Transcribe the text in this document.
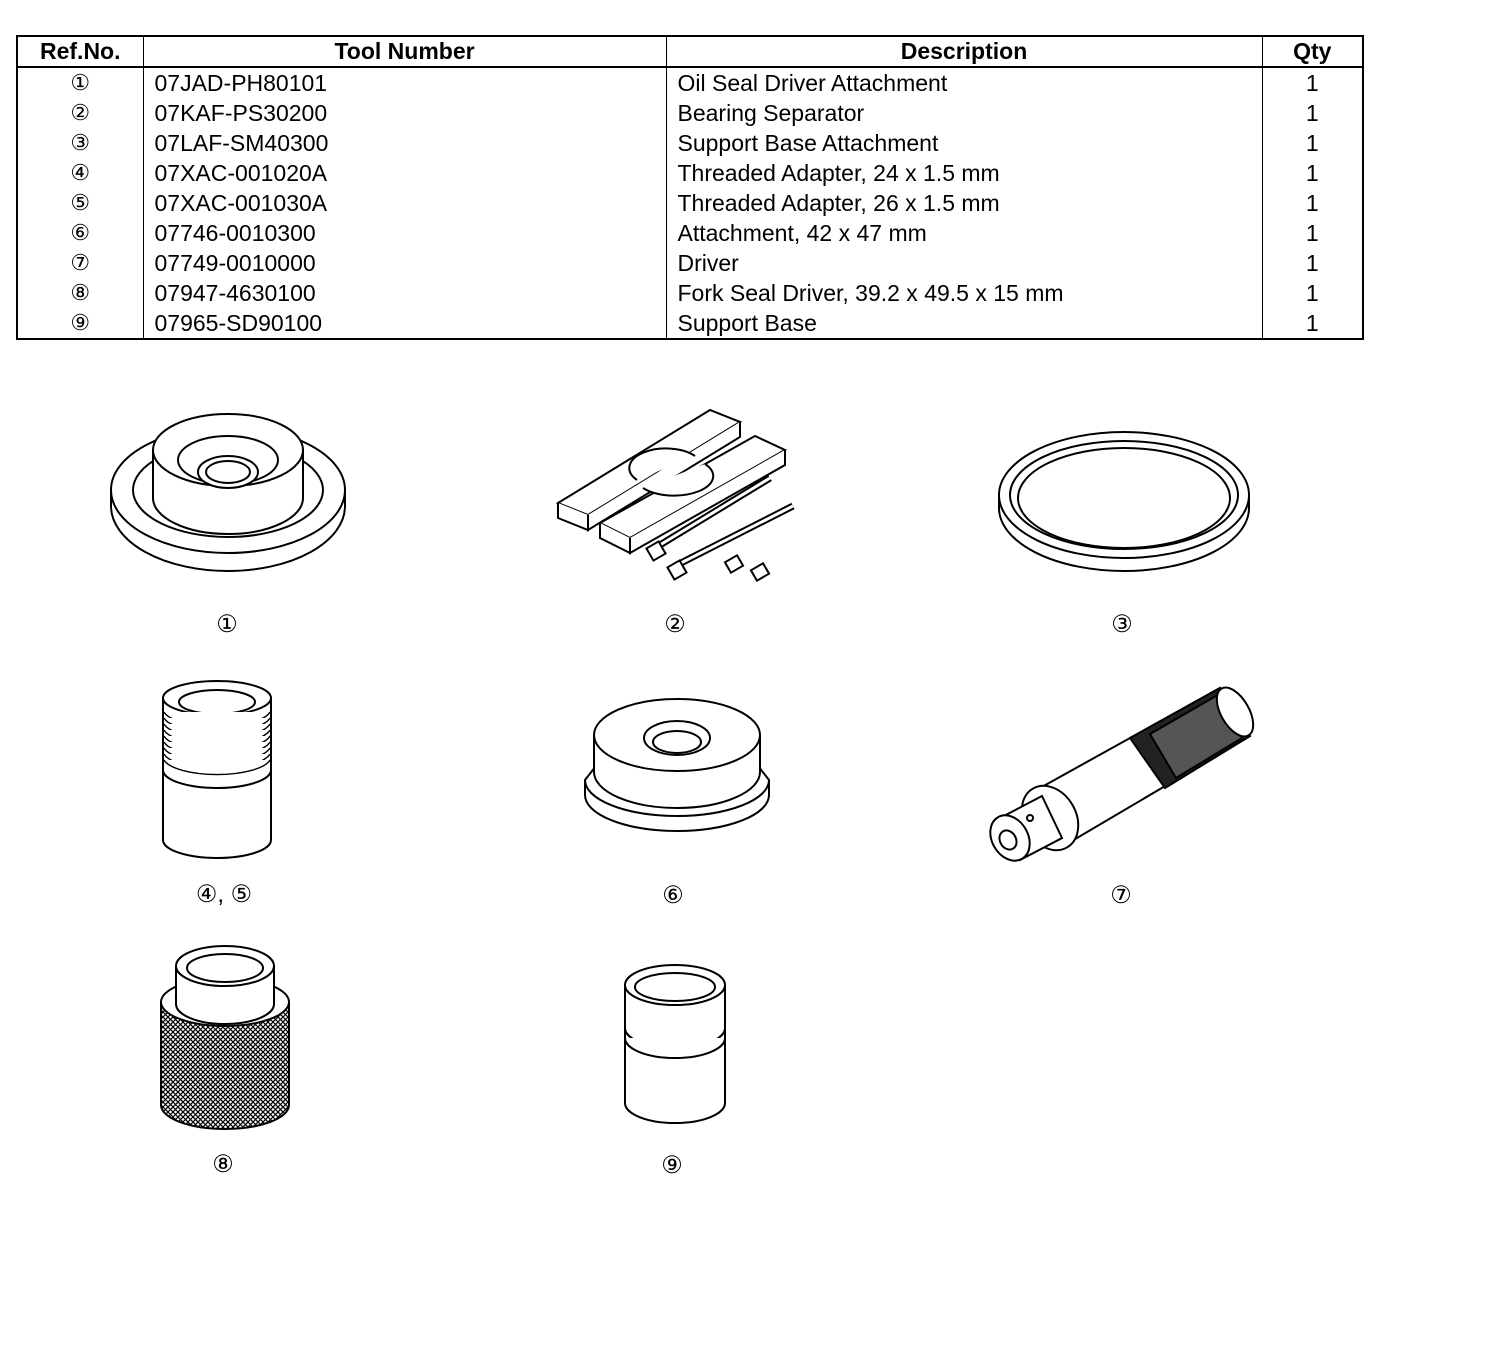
Ref.No.	Tool Number	Description	Qty
①	07JAD-PH80101	Oil Seal Driver Attachment	1
②	07KAF-PS30200	Bearing Separator	1
③	07LAF-SM40300	Support Base Attachment	1
④	07XAC-001020A	Threaded Adapter, 24 x 1.5 mm	1
⑤	07XAC-001030A	Threaded Adapter, 26 x 1.5 mm	1
⑥	07746-0010300	Attachment, 42 x 47 mm	1
⑦	07749-0010000	Driver	1
⑧	07947-4630100	Fork Seal Driver, 39.2 x 49.5 x 15 mm	1
⑨	07965-SD90100	Support Base	1
①	②	③
④, ⑤	⑥	⑦
⑧	⑨
